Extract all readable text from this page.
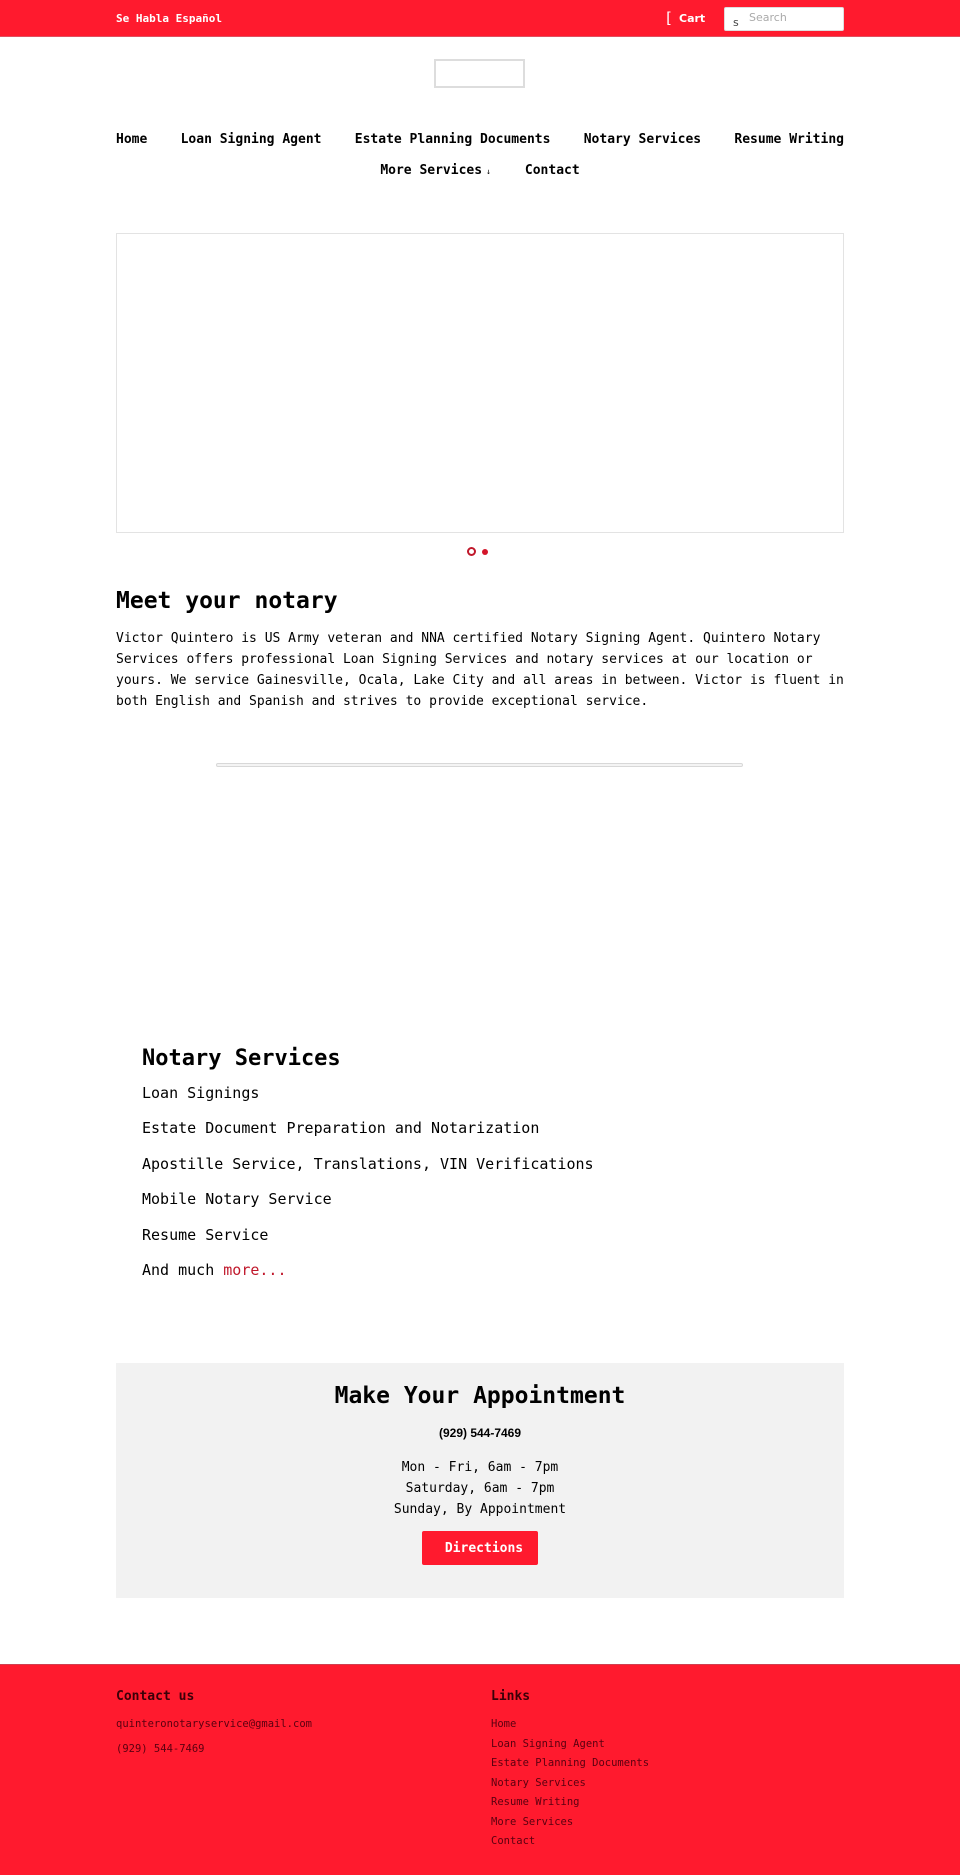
Se Habla Español	[ Cart	s Search
Home	Loan Signing Agent	Estate Planning Documents	Notary Services	Resume Writing
More Services ↓	Contact
Meet your notary

Victor Quintero is US Army veteran and NNA certified Notary Signing Agent. Quintero Notary Services offers professional Loan Signing Services and notary services at our location or yours. We service Gainesville, Ocala, Lake City and all areas in between. Victor is fluent in both English and Spanish and strives to provide exceptional service.

Notary Services
Loan Signings
Estate Document Preparation and Notarization
Apostille Service, Translations, VIN Verifications
Mobile Notary Service
Resume Service
And much more...
Make Your Appointment
(929) 544-7469
Mon - Fri, 6am - 7pm
Saturday, 6am - 7pm
Sunday, By Appointment
Directions
Contact us
quinteronotaryservice@gmail.com
(929) 544-7469
Links
Home
Loan Signing Agent
Estate Planning Documents
Notary Services
Resume Writing
More Services
Contact
